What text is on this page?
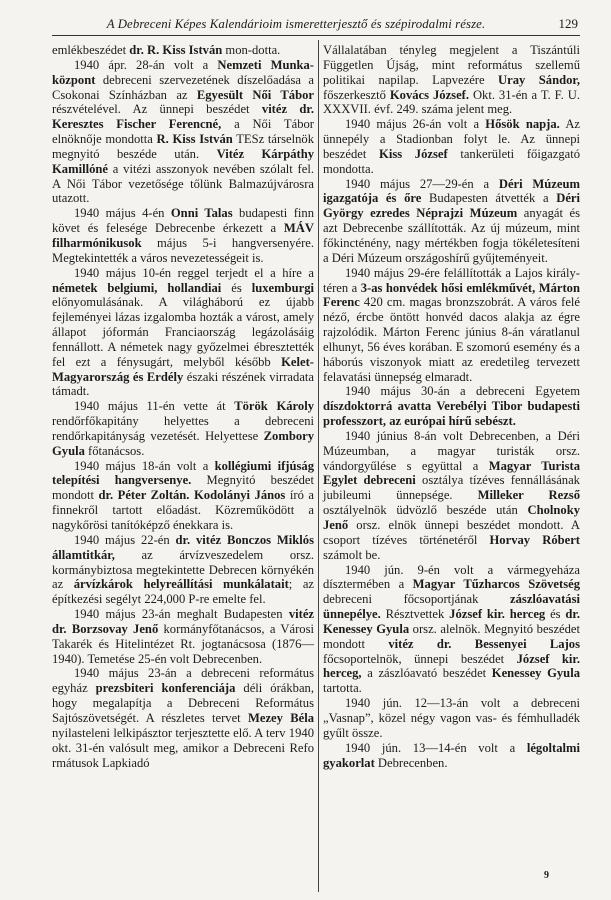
A Debreceni Képes Kalendárioim ismeretterjesztő és szépirodalmi része.	129

emlékbeszédet dr. R. Kiss István mon-dotta.

1940 ápr. 28-án volt a Nemzeti Munka-központ debreceni szervezetének díszelőadása a Csokonai Színházban az Egyesült Női Tábor részvételével. Az ünnepi beszédet vitéz dr. Keresztes Fischer Ferencné, a Női Tábor elnöknője mondotta R. Kiss István TESz társelnök megnyitó beszéde után. Vitéz Kárpáthy Kamillóné a vitézi asszonyok nevében szólalt fel. A Női Tábor vezetősége tőlünk Balmazújvárosra utazott.

1940 május 4-én Onni Talas budapesti finn követ és felesége Debrecenbe érkezett a MÁV filharmónikusok május 5-i hangversenyére. Megtekintették a város nevezetességeit is.

1940 május 10-én reggel terjedt el a híre a németek belgiumi, hollandiai és luxemburgi előnyomulásának. A világháború ez újabb fejleményei lázas izgalomba hozták a várost, amely állapot jóformán Franciaország legázolásáig fennállott. A németek nagy győzelmei ébresztették fel ezt a fénysugárt, melyből később Kelet-Magyarország és Erdély északi részének virradata támadt.

1940 május 11-én vette át Török Károly rendőrfőkapitány helyettes a debreceni rendőrkapitányság vezetését. Helyettese Zombory Gyula főtanácsos.

1940 május 18-án volt a kollégiumi ifjúság telepítési hangversenye. Megnyitó beszédet mondott dr. Péter Zoltán. Kodolányi János író a finnekről tartott előadást. Közreműködött a nagykőrösi tanítóképző énekkara is.

1940 május 22-én dr. vitéz Bonczos Miklós államtitkár, az árvízveszedelem orsz. kormánybiztosa megtekintette Debrecen környékén az árvízkárok helyreállítási munkálatait; az építkezési segélyt 224,000 P-re emelte fel.

1940 május 23-án meghalt Budapesten vitéz dr. Borzsovay Jenő kormányfőtanácsos, a Városi Takarék és Hitelintézet Rt. jogtanácsosa (1876—1940). Temetése 25-én volt Debrecenben.

1940 május 23-án a debreceni református egyház prezsbiteri konferenciája déli órákban, hogy megalapítja a Debreceni Református Sajtószövetségét. A részletes tervet Mezey Béla nyilasteleni lelkipásztor terjesztette elő. A terv 1940 okt. 31-én valósult meg, amikor a Debreceni Refo rmátusok Lapkiadó

Vállalatában tényleg megjelent a Tiszántúli Független Újság, mint református szellemű politikai napilap. Lapvezére Uray Sándor, főszerkesztő Kovács József. Okt. 31-én a T. F. U. XXXVII. évf. 249. száma jelent meg.

1940 május 26-án volt a Hősök napja. Az ünnepély a Stadionban folyt le. Az ünnepi beszédet Kiss József tankerületi főigazgató mondotta.

1940 május 27—29-én a Déri Múzeum igazgatója és őre Budapesten átvették a Déri György ezredes Néprajzi Múzeum anyagát és azt Debrecenbe szállították. Az új múzeum, mint főkincténény, nagy mértékben fogja tökéletesíteni a Déri Múzeum országoshírű gyűjteményeit.

1940 május 29-ére felállították a Lajos király-téren a 3-as honvédek hősi emlékművét, Márton Ferenc 420 cm. magas bronzszobrát. A város felé néző, ércbe öntött honvéd dacos alakja az égre rajzolódik. Márton Ferenc június 8-án váratlanul elhunyt, 56 éves korában. E szomorú esemény és a háborús viszonyok miatt az eredetileg tervezett felavatási ünnepség elmaradt.

1940 május 30-án a debreceni Egyetem díszdoktorrá avatta Verebélyi Tibor budapesti professzort, az európai hírű sebészt.

1940 június 8-án volt Debrecenben, a Déri Múzeumban, a magyar turisták orsz. vándorgyűlése s együttal a Magyar Turista Egylet debreceni osztálya tízéves fennállásának jubileumi ünnepsége. Milleker Rezső osztályelnök üdvözlő beszéde után Cholnoky Jenő orsz. elnök ünnepi beszédet mondott. A csoport tízéves történetéről Horvay Róbert számolt be.

1940 jún. 9-én volt a vármegyeháza dísztermében a Magyar Tűzharcos Szövetség debreceni főcsoportjának zászlóavatási ünnepélye. Résztvettek József kir. herceg és dr. Kenessey Gyula orsz. alelnök. Megnyitó beszédet mondott vitéz dr. Bessenyei Lajos főcsoportelnök, ünnepi beszédet József kir. herceg, a zászlóavató beszédet Kenessey Gyula tartotta.

1940 jún. 12—13-án volt a debreceni „Vasnap”, közel négy vagon vas- és fémhulladék gyűlt össze.

1940 jún. 13—14-én volt a légoltalmi gyakorlat Debrecenben.

9
